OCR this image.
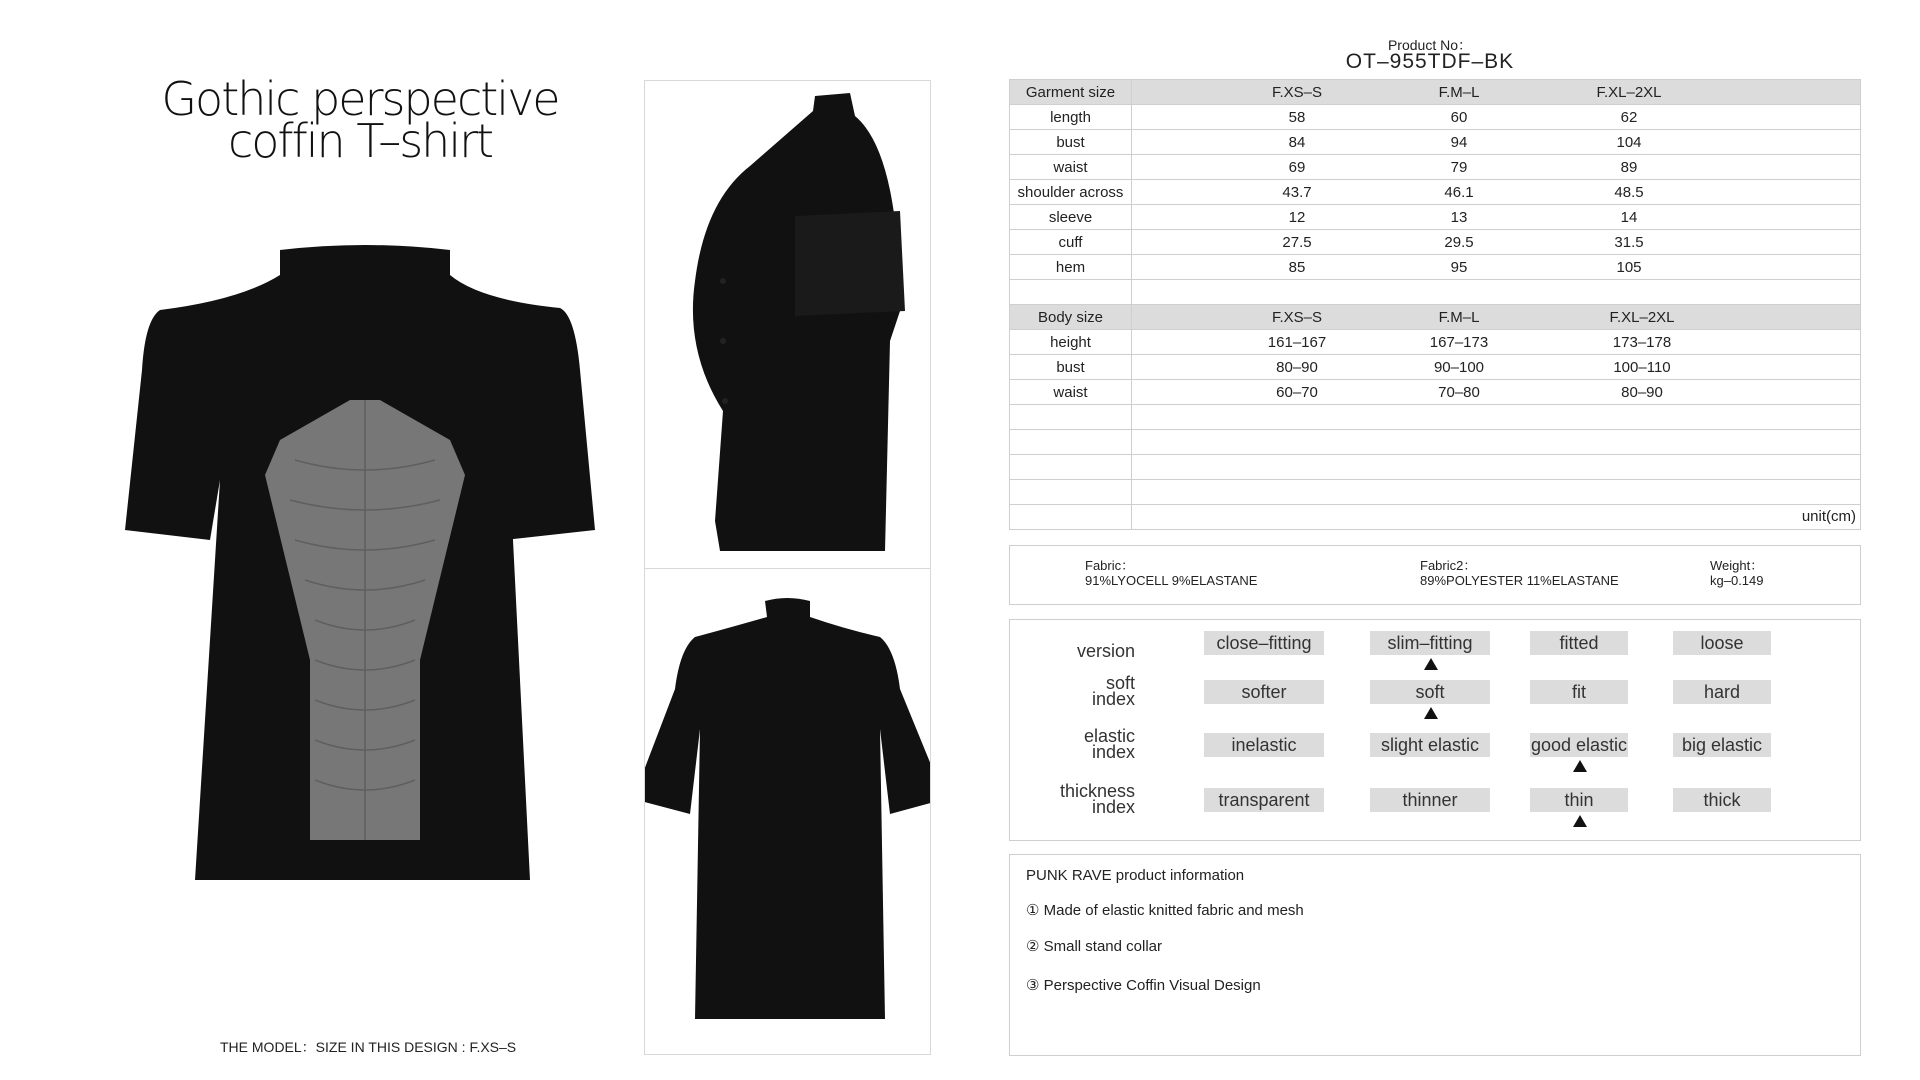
Gothic perspective
coffin T–shirt
THE MODEL：SIZE IN THIS DESIGN : F.XS–S
Product No：
OT–955TDF–BK
Garment size	F.XS–S F.M–L F.XL–2XL

length	58 60 62

bust	84 94 104

waist	69 79 89

shoulder across	43.7 46.1 48.5

sleeve	12 13 14

cuff	27.5 29.5 31.5

hem	85 95 105

Body size	F.XS–S F.M–L F.XL–2XL

height	161–167 167–173 173–178

bust	80–90 90–100 100–110

waist	60–70 70–80 80–90

	unit(cm)
Fabric：
91%LYOCELL 9%ELASTANE
Fabric2：
89%POLYESTER 11%ELASTANE
Weight：
kg–0.149
version	close–fitting	slim–fitting	fitted	loose
soft
index	softer	soft	fit	hard
elastic
index	inelastic	slight elastic	good elastic	big elastic
thickness
index	transparent	thinner	thin	thick
PUNK RAVE product information
① Made of elastic knitted fabric and mesh
② Small stand collar
③ Perspective Coffin Visual Design
